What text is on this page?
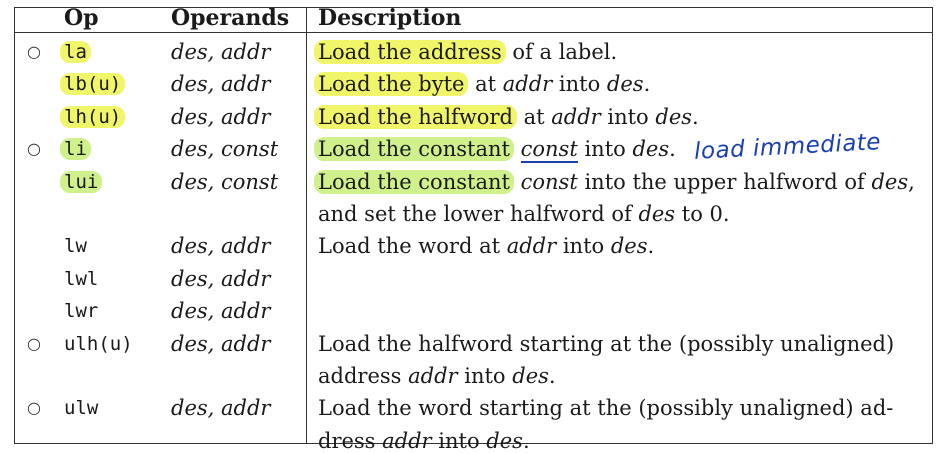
Op	Operands Description
○ la	des, addr Load the address of a label.
lb(u) des, addr Load the byte at addr into des.
lh(u) des, addr Load the halfword at addr into des.
○ li	des, const Load the constant const into des.
lui	des, const Load the constant const into the upper halfword of des,
and set the lower halfword of des to 0.
lw	des, addr Load the word at addr into des.
lwl	des, addr
lwr	des, addr
○ ulh(u) des, addr Load the halfword starting at the (possibly unaligned)
address addr into des.
○ ulw	des, addr Load the word starting at the (possibly unaligned) ad-
dress addr into des.
load immediate
